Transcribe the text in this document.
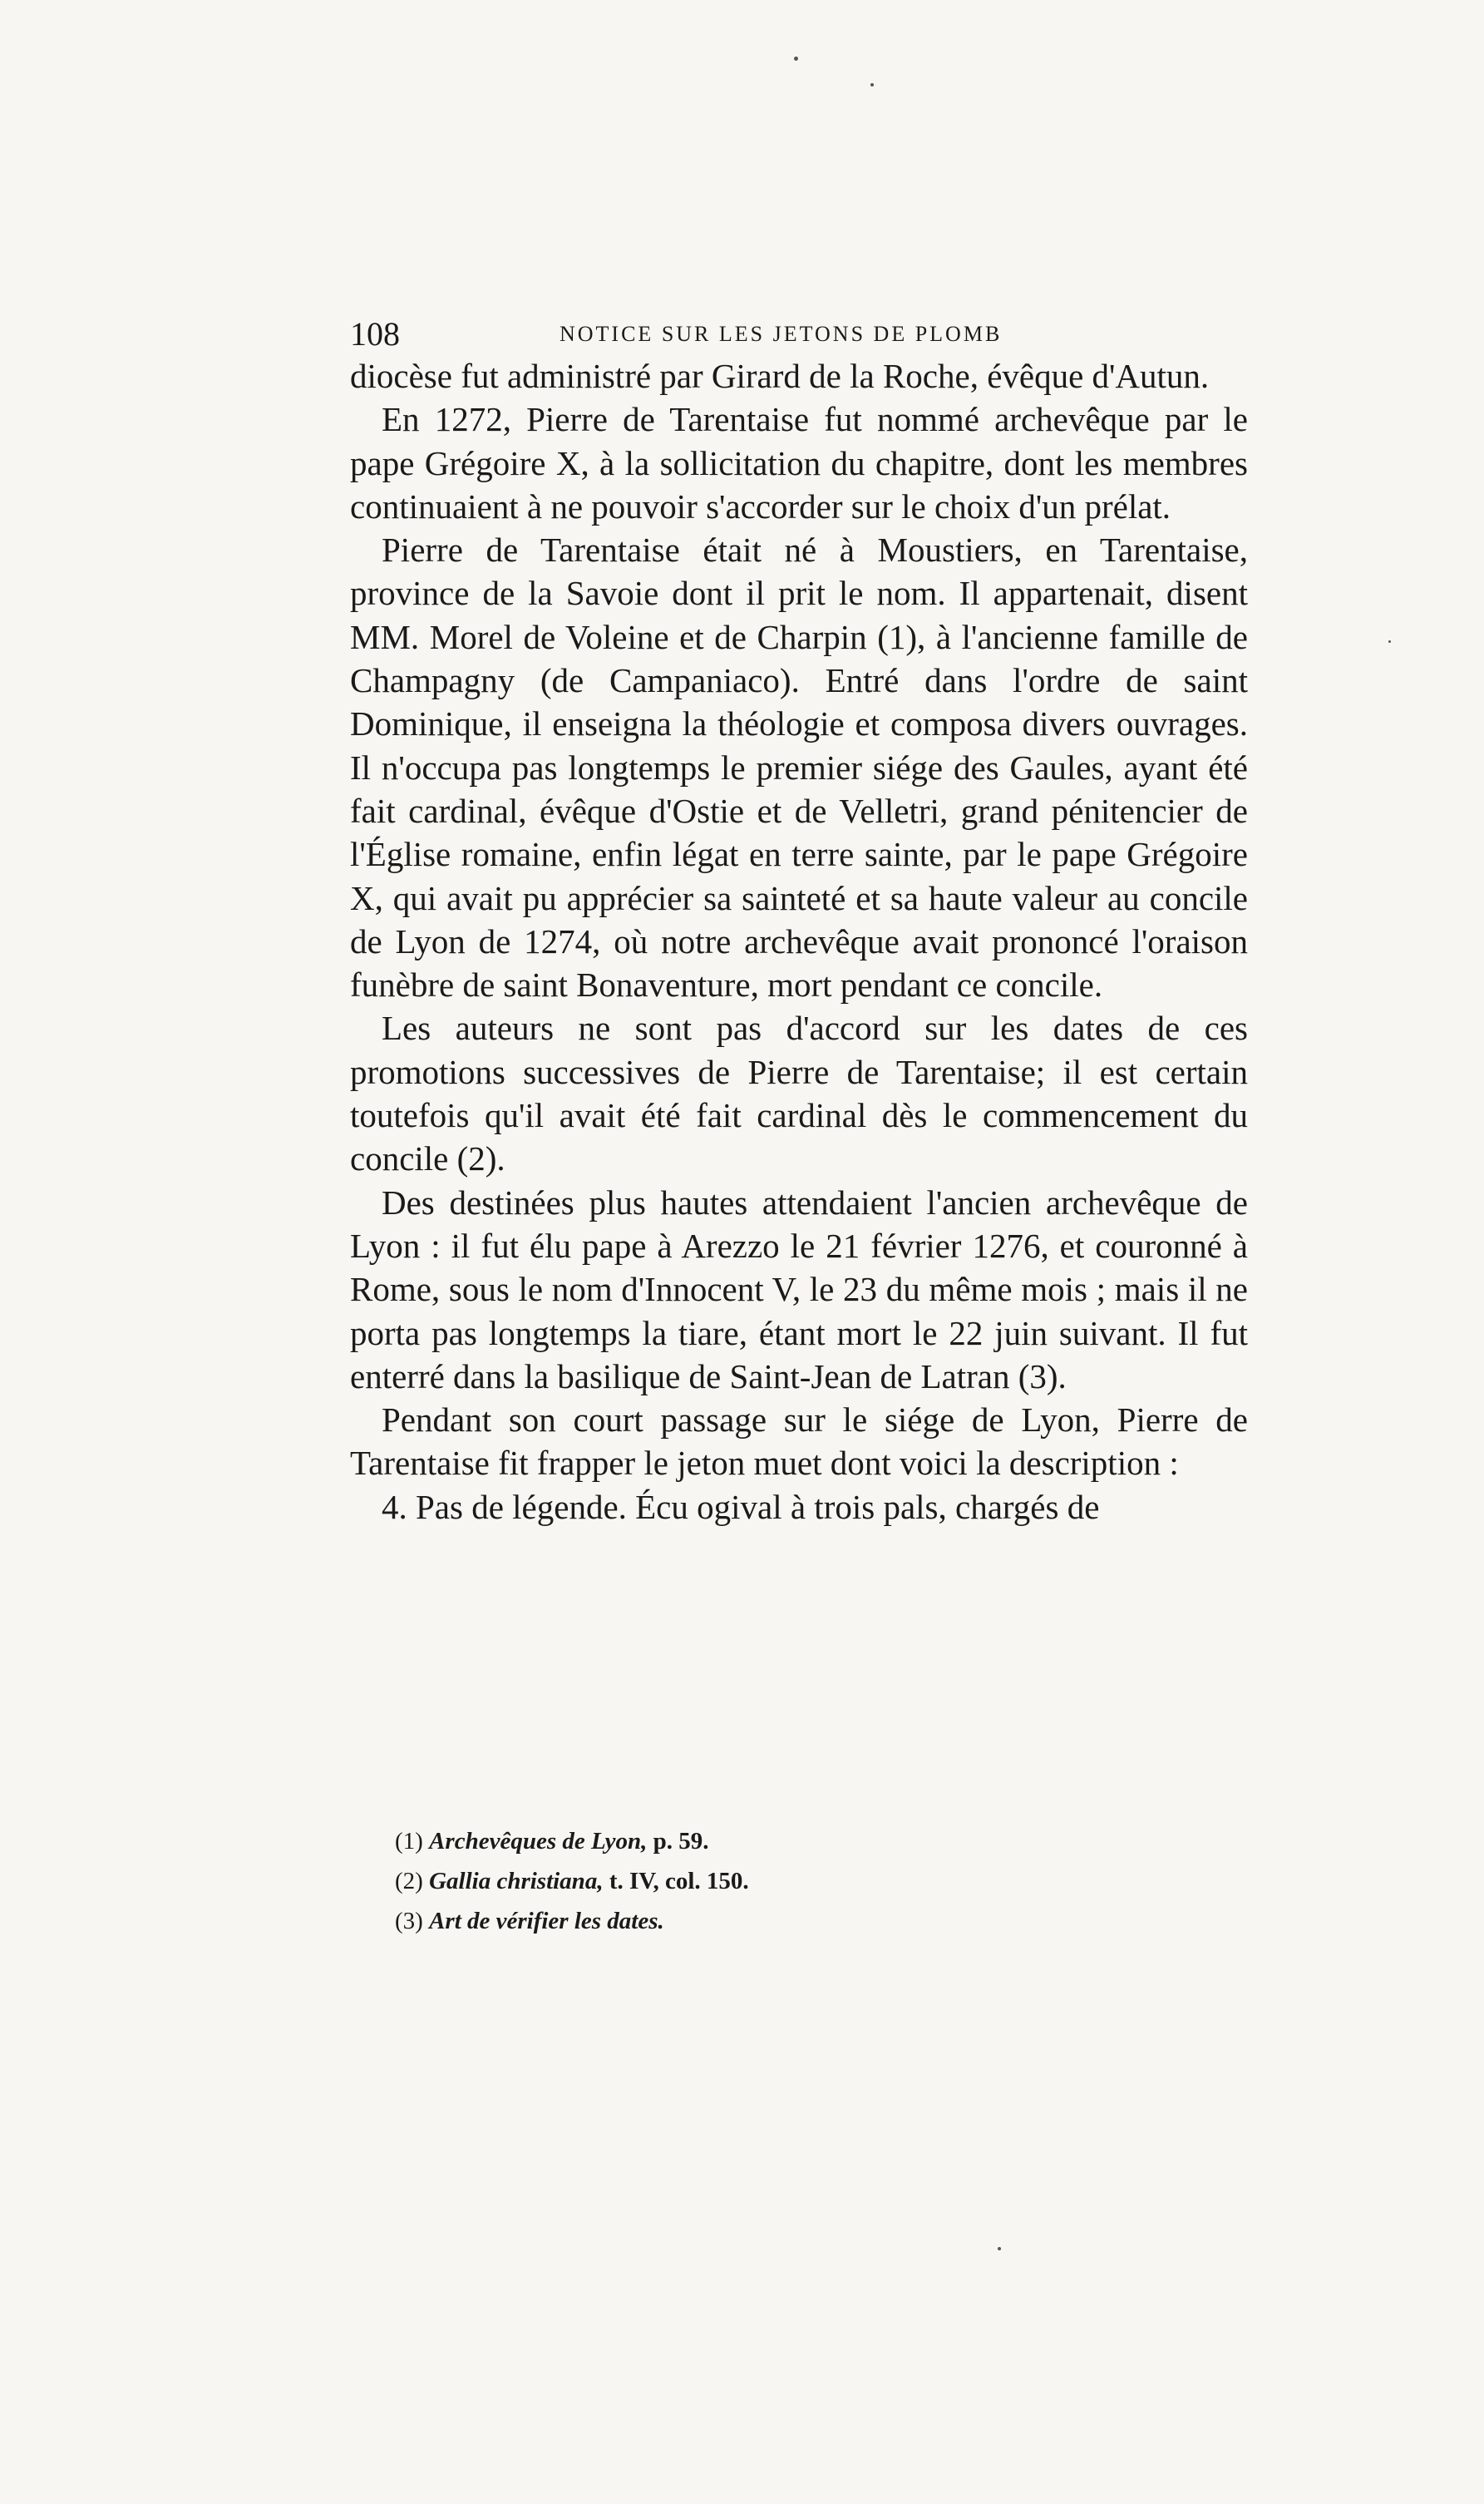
108	NOTICE SUR LES JETONS DE PLOMB

diocèse fut administré par Girard de la Roche, évêque d'Autun.

En 1272, Pierre de Tarentaise fut nommé archevêque par le pape Grégoire X, à la sollicitation du chapitre, dont les membres continuaient à ne pouvoir s'accorder sur le choix d'un prélat.

Pierre de Tarentaise était né à Moustiers, en Tarentaise, province de la Savoie dont il prit le nom. Il appartenait, disent MM. Morel de Voleine et de Charpin (1), à l'ancienne famille de Champagny (de Campaniaco). Entré dans l'ordre de saint Dominique, il enseigna la théologie et composa divers ouvrages. Il n'occupa pas longtemps le premier siége des Gaules, ayant été fait cardinal, évêque d'Ostie et de Velletri, grand pénitencier de l'Église romaine, enfin légat en terre sainte, par le pape Grégoire X, qui avait pu apprécier sa sainteté et sa haute valeur au concile de Lyon de 1274, où notre archevêque avait prononcé l'oraison funèbre de saint Bonaventure, mort pendant ce concile.

Les auteurs ne sont pas d'accord sur les dates de ces promotions successives de Pierre de Tarentaise; il est certain toutefois qu'il avait été fait cardinal dès le commencement du concile (2).

Des destinées plus hautes attendaient l'ancien archevêque de Lyon : il fut élu pape à Arezzo le 21 février 1276, et couronné à Rome, sous le nom d'Innocent V, le 23 du même mois ; mais il ne porta pas longtemps la tiare, étant mort le 22 juin suivant. Il fut enterré dans la basilique de Saint-Jean de Latran (3).

Pendant son court passage sur le siége de Lyon, Pierre de Tarentaise fit frapper le jeton muet dont voici la description :

4. Pas de légende. Écu ogival à trois pals, chargés de

(1) Archevêques de Lyon, p. 59.
(2) Gallia christiana, t. IV, col. 150.
(3) Art de vérifier les dates.
